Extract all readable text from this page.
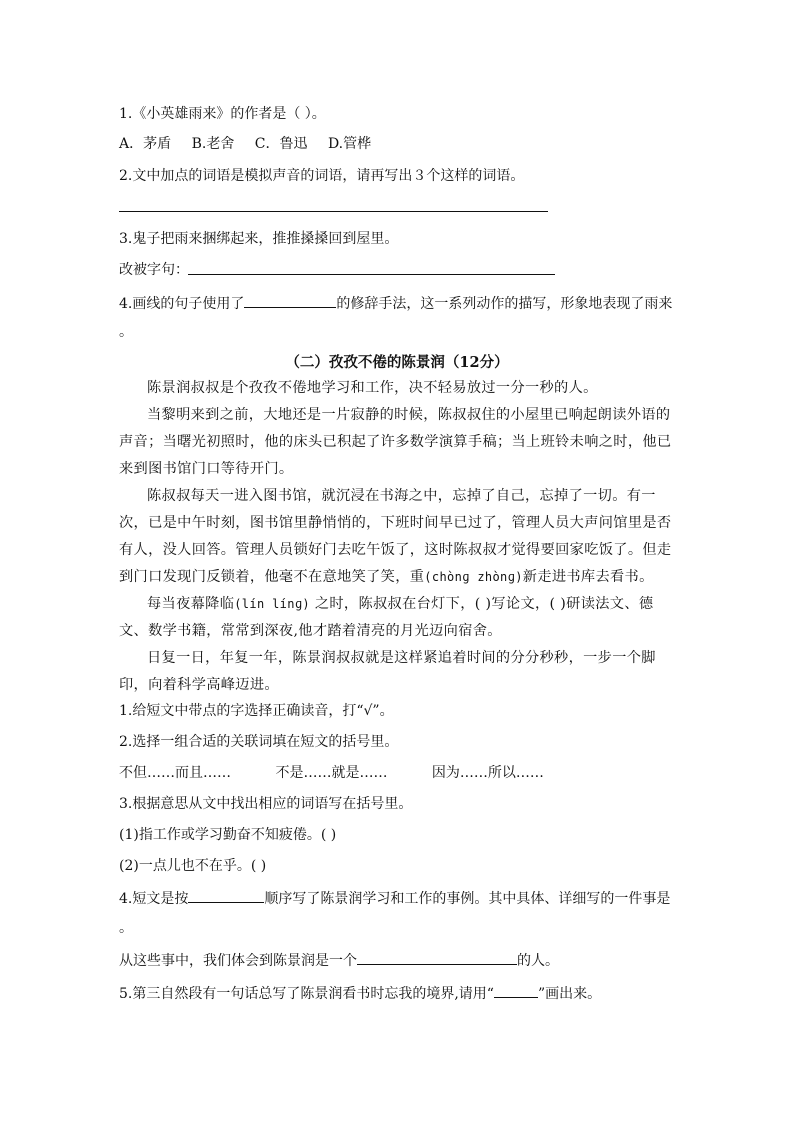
1.《小英雄雨来》的作者是（ ）。
A．茅盾 B.老舍 C．鲁迅 D.管桦
2.文中加点的词语是模拟声音的词语，请再写出３个这样的词语。
3.鬼子把雨来捆绑起来，推推搡搡回到屋里。
改被字句：
4.画线的句子使用了	的修辞手法，这一系列动作的描写，形象地表现了雨来
。
（二）孜孜不倦的陈景润（12分）
陈景润叔叔是个孜孜不倦地学习和工作，决不轻易放过一分一秒的人。
当黎明来到之前，大地还是一片寂静的时候，陈叔叔住的小屋里已响起朗读外语的声音；当曙光初照时，他的床头已积起了许多数学演算手稿；当上班铃未响之时，他已来到图书馆门口等待开门。
陈叔叔每天一进入图书馆，就沉浸在书海之中，忘掉了自己，忘掉了一切。有一次，已是中午时刻，图书馆里静悄悄的，下班时间早已过了，管理人员大声问馆里是否有人，没人回答。管理人员锁好门去吃午饭了，这时陈叔叔才觉得要回家吃饭了。但走到门口发现门反锁着，他毫不在意地笑了笑，重(chònɡ zhònɡ)新走进书库去看书。
每当夜幕降临(lín línɡ) 之时，陈叔叔在台灯下，( )写论文，( )研读法文、德文、数学书籍，常常到深夜,他才踏着清亮的月光迈向宿舍。
日复一日，年复一年，陈景润叔叔就是这样紧追着时间的分分秒秒，一步一个脚印，向着科学高峰迈进。
1.给短文中带点的字选择正确读音，打“√”。
2.选择一组合适的关联词填在短文的括号里。
不但……而且……	不是……就是……	因为……所以……
3.根据意思从文中找出相应的词语写在括号里。
(1)指工作或学习勤奋不知疲倦。( )
(2)一点儿也不在乎。( )
4.短文是按	顺序写了陈景润学习和工作的事例。其中具体、详细写的一件事是
。
从这些事中，我们体会到陈景润是一个	的人。
5.第三自然段有一句话总写了陈景润看书时忘我的境界,请用“	”画出来。
